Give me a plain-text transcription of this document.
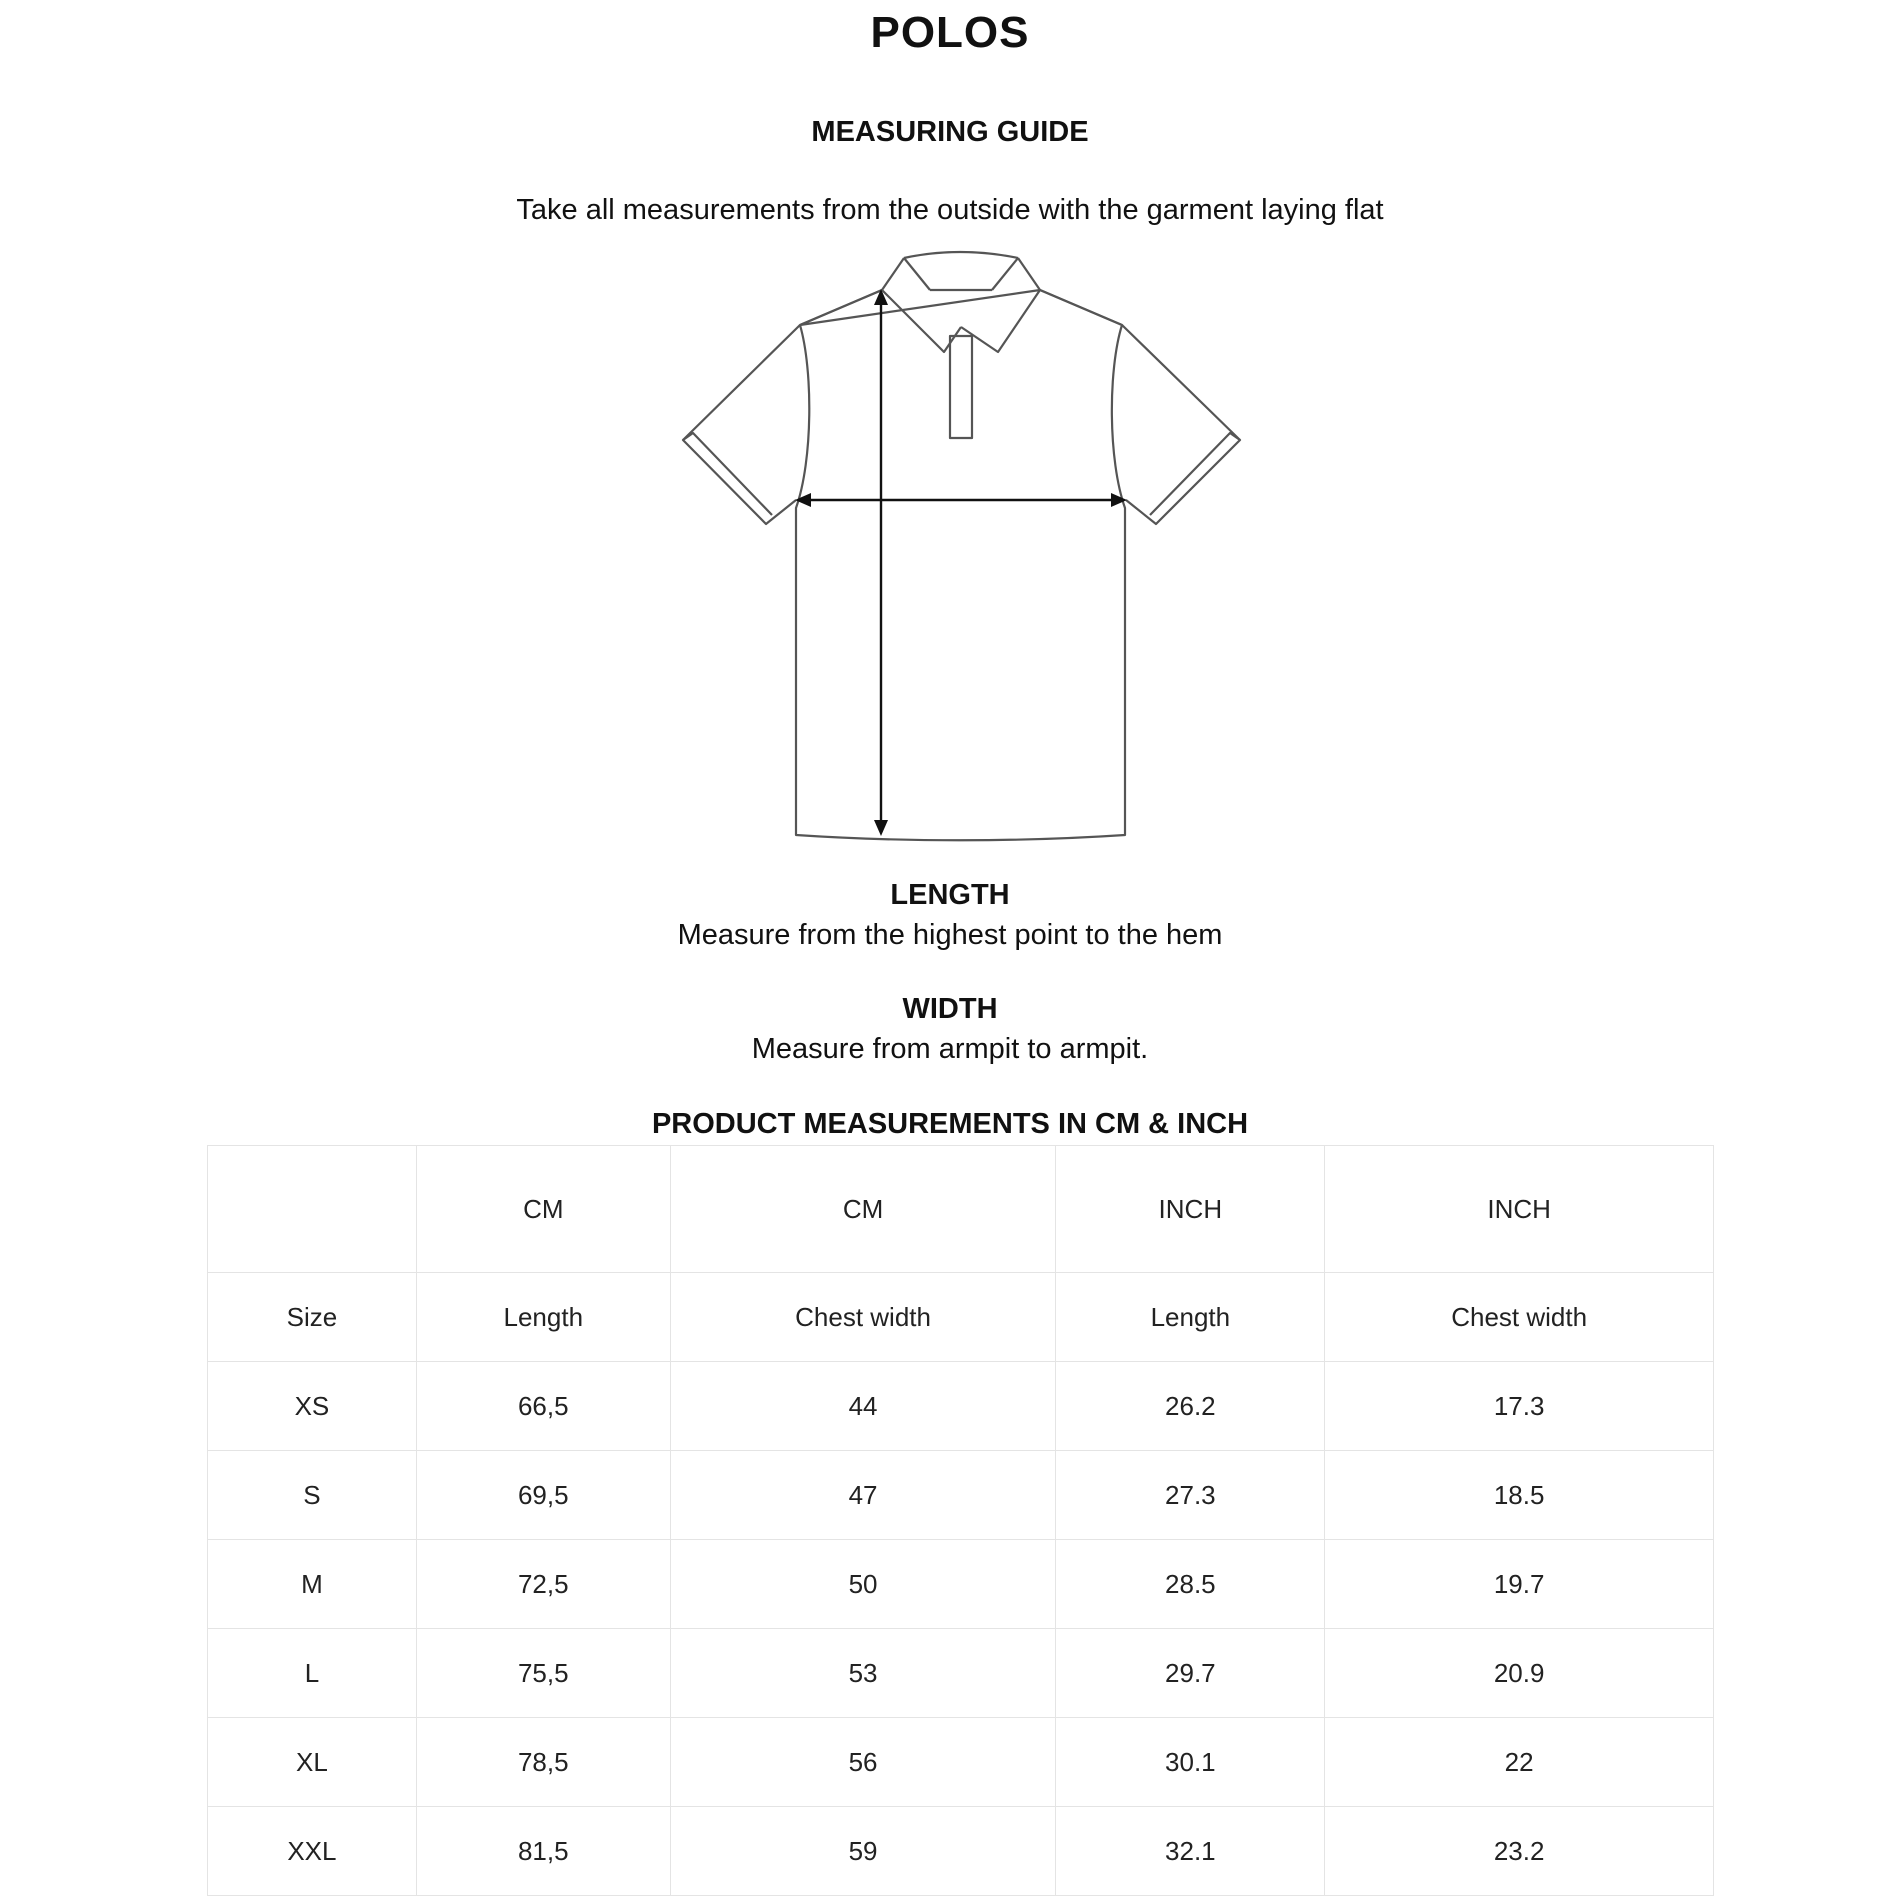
POLOS
MEASURING GUIDE
Take all measurements from the outside with the garment laying flat
LENGTH
Measure from the highest point to the hem
WIDTH
Measure from armpit to armpit.
PRODUCT MEASUREMENTS IN CM & INCH
	CM	CM	INCH	INCH
Size	Length	Chest width	Length	Chest width
XS	66,5	44	26.2	17.3
S	69,5	47	27.3	18.5
M	72,5	50	28.5	19.7
L	75,5	53	29.7	20.9
XL	78,5	56	30.1	22
XXL	81,5	59	32.1	23.2
